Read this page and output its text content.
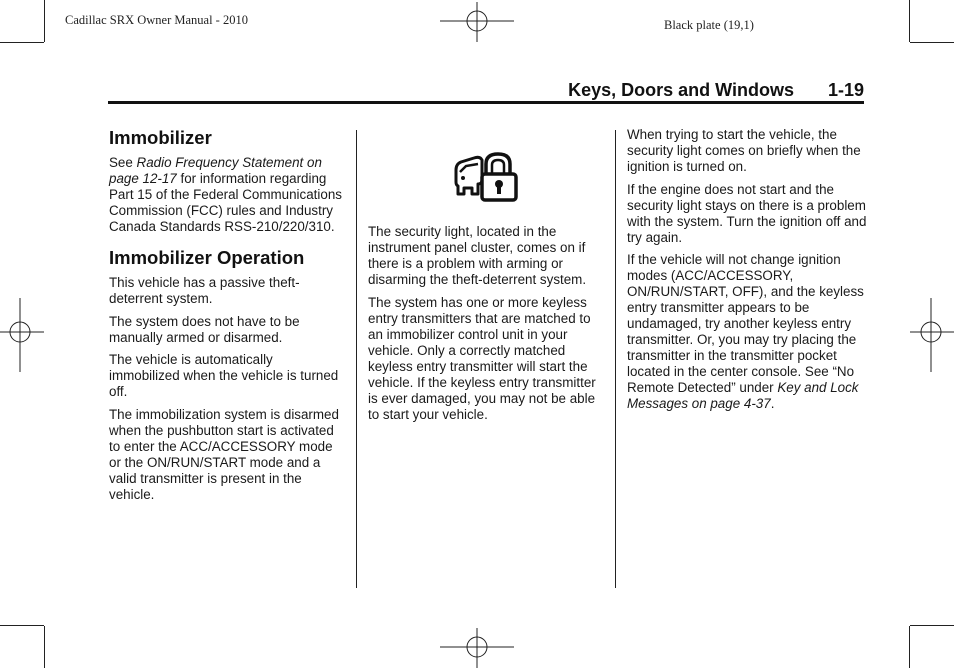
Cadillac SRX Owner Manual - 2010	Black plate (19,1)
Keys, Doors and Windows 1-19
Immobilizer

See Radio Frequency Statement on page 12-17 for information regarding Part 15 of the Federal Communications Commission (FCC) rules and Industry Canada Standards RSS-210/220/310.

Immobilizer Operation

This vehicle has a passive theft-deterrent system.

The system does not have to be manually armed or disarmed.

The vehicle is automatically immobilized when the vehicle is turned off.

The immobilization system is disarmed when the pushbutton start is activated to enter the ACC/ACCESSORY mode or the ON/RUN/START mode and a valid transmitter is present in the vehicle.

The security light, located in the instrument panel cluster, comes on if there is a problem with arming or disarming the theft-deterrent system.

The system has one or more keyless entry transmitters that are matched to an immobilizer control unit in your vehicle. Only a correctly matched keyless entry transmitter will start the vehicle. If the keyless entry transmitter is ever damaged, you may not be able to start your vehicle.

When trying to start the vehicle, the security light comes on briefly when the ignition is turned on.

If the engine does not start and the security light stays on there is a problem with the system. Turn the ignition off and try again.

If the vehicle will not change ignition modes (ACC/ACCESSORY, ON/RUN/START, OFF), and the keyless entry transmitter appears to be undamaged, try another keyless entry transmitter. Or, you may try placing the transmitter in the transmitter pocket located in the center console. See “No Remote Detected” under Key and Lock Messages on page 4-37.
